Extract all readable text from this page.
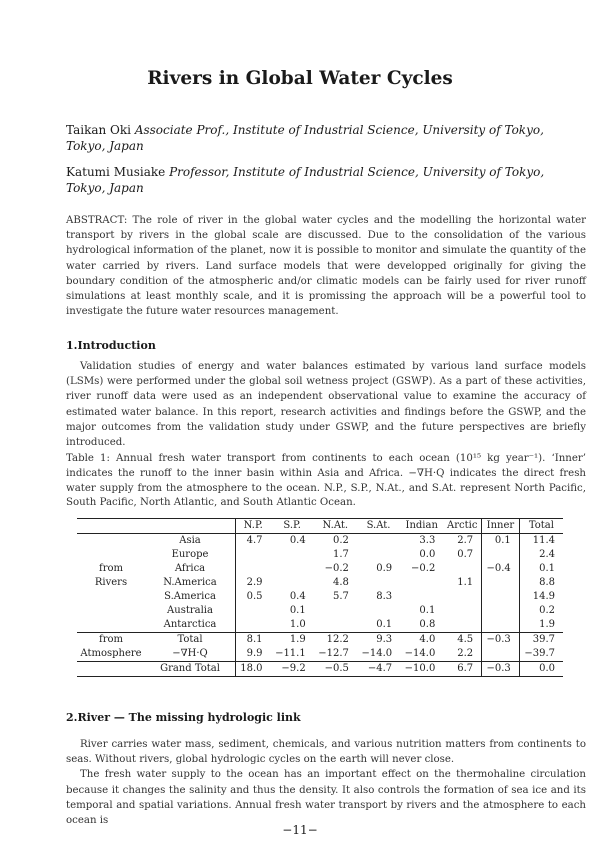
Rivers in Global Water Cycles
Taikan Oki Associate Prof., Institute of Industrial Science, University of Tokyo, Tokyo, Japan
Katumi Musiake Professor, Institute of Industrial Science, University of Tokyo, Tokyo, Japan
ABSTRACT: The role of river in the global water cycles and the modelling the horizontal water transport by rivers in the global scale are discussed. Due to the consolidation of the various hydrological information of the planet, now it is possible to monitor and simulate the quantity of the water carried by rivers. Land surface models that were developped originally for giving the boundary condition of the atmospheric and/or climatic models can be fairly used for river runoff simulations at least monthly scale, and it is promissing the approach will be a powerful tool to investigate the future water resources management.
1.Introduction

Validation studies of energy and water balances estimated by various land surface models (LSMs) were performed under the global soil wetness project (GSWP). As a part of these activities, river runoff data were used as an independent observational value to examine the accuracy of estimated water balance. In this report, research activities and findings before the GSWP, and the major outcomes from the validation study under GSWP, and the future perspectives are briefly introduced.

Table 1: Annual fresh water transport from continents to each ocean (10¹⁵ kg year⁻¹). ‘Inner’ indicates the runoff to the inner basin within Asia and Africa. −∇H·Q indicates the direct fresh water supply from the atmosphere to the ocean. N.P., S.P., N.At., and S.At. represent North Pacific, South Pacific, North Atlantic, and South Atlantic Ocean.
		N.P.	S.P.	N.At.	S.At.	Indian	Arctic	Inner	Total
	Asia	4.7	0.4	0.2		3.3	2.7	0.1	11.4
	Europe			1.7		0.0	0.7		2.4
from	Africa			−0.2	0.9	−0.2		−0.4	0.1
Rivers	N.America	2.9		4.8			1.1		8.8
	S.America	0.5	0.4	5.7	8.3				14.9
	Australia		0.1			0.1			0.2
	Antarctica		1.0		0.1	0.8			1.9
from	Total	8.1	1.9	12.2	9.3	4.0	4.5	−0.3	39.7
Atmosphere	−∇H·Q	9.9	−11.1	−12.7	−14.0	−14.0	2.2		−39.7
	Grand Total	18.0	−9.2	−0.5	−4.7	−10.0	6.7	−0.3	0.0
2.River — The missing hydrologic link

River carries water mass, sediment, chemicals, and various nutrition matters from continents to seas. Without rivers, global hydrologic cycles on the earth will never close.

The fresh water supply to the ocean has an important effect on the thermohaline circulation because it changes the salinity and thus the density. It also controls the formation of sea ice and its temporal and spatial variations. Annual fresh water transport by rivers and the atmosphere to each ocean is

−11−
